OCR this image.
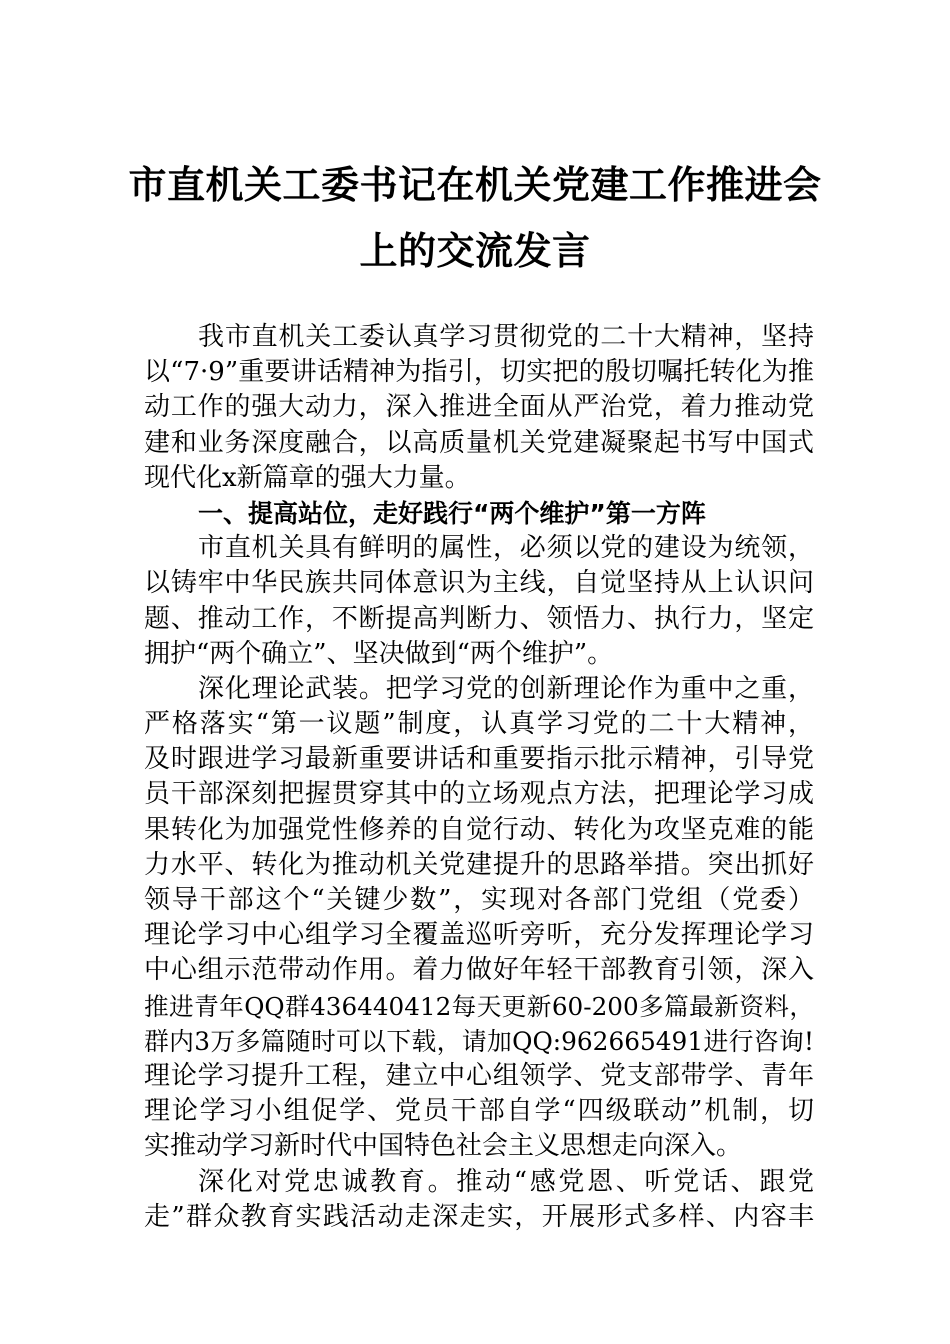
市直机关工委书记在机关党建工作推进会
上的交流发言
我市直机关工委认真学习贯彻党的二十大精神，坚持
以“7·9”重要讲话精神为指引，切实把的殷切嘱托转化为推
动工作的强大动力，深入推进全面从严治党，着力推动党
建和业务深度融合，以高质量机关党建凝聚起书写中国式
现代化x新篇章的强大力量。
一、提高站位，走好践行“两个维护”第一方阵
市直机关具有鲜明的属性，必须以党的建设为统领，
以铸牢中华民族共同体意识为主线，自觉坚持从上认识问
题、推动工作，不断提高判断力、领悟力、执行力，坚定
拥护“两个确立”、坚决做到“两个维护”。
深化理论武装。把学习党的创新理论作为重中之重，
严格落实“第一议题”制度，认真学习党的二十大精神，
及时跟进学习最新重要讲话和重要指示批示精神，引导党
员干部深刻把握贯穿其中的立场观点方法，把理论学习成
果转化为加强党性修养的自觉行动、转化为攻坚克难的能
力水平、转化为推动机关党建提升的思路举措。突出抓好
领导干部这个“关键少数”，实现对各部门党组（党委）
理论学习中心组学习全覆盖巡听旁听，充分发挥理论学习
中心组示范带动作用。着力做好年轻干部教育引领，深入
推进青年QQ群436440412每天更新60-200多篇最新资料，
群内3万多篇随时可以下载，请加QQ:962665491进行咨询!
理论学习提升工程，建立中心组领学、党支部带学、青年
理论学习小组促学、党员干部自学“四级联动”机制，切
实推动学习新时代中国特色社会主义思想走向深入。
深化对党忠诚教育。推动“感党恩、听党话、跟党
走”群众教育实践活动走深走实，开展形式多样、内容丰
